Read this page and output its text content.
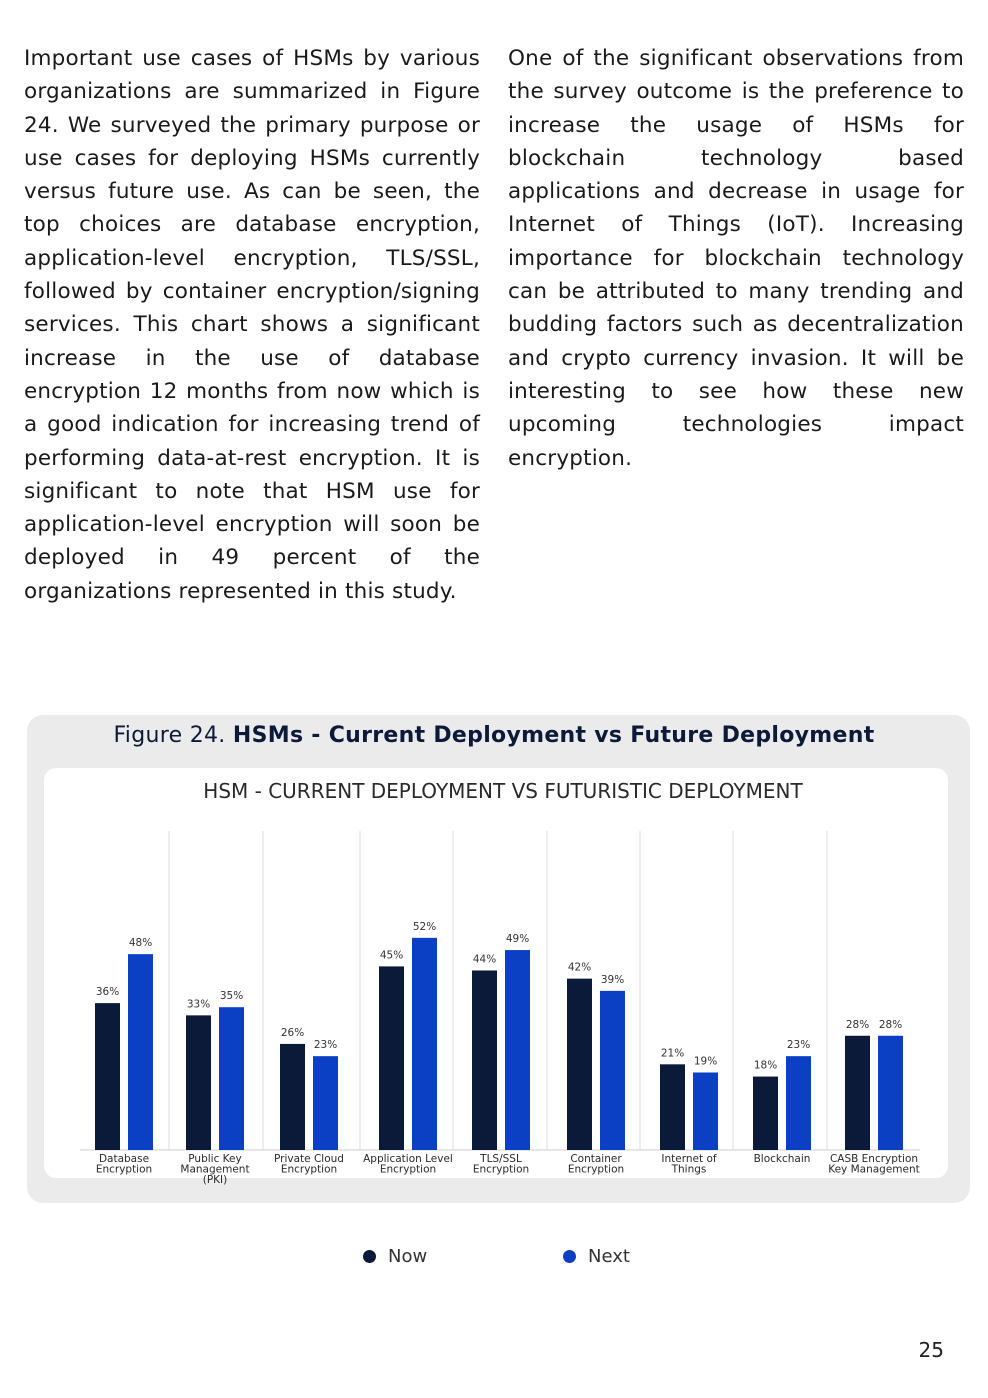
Important use cases of HSMs by various organizations are summarized in Figure 24. We surveyed the primary purpose or use cases for deploying HSMs currently versus future use. As can be seen, the top choices are database encryption, application-level encryption, TLS/SSL, followed by container encryption/signing services. This chart shows a significant increase in the use of database encryption 12 months from now which is a good indication for increasing trend of performing data-at-rest encryption. It is significant to note that HSM use for application-level encryption will soon be deployed in 49 percent of the organizations represented in this study.
One of the significant observations from the survey outcome is the preference to increase the usage of HSMs for blockchain technology based applications and decrease in usage for Internet of Things (IoT). Increasing importance for blockchain technology can be attributed to many trending and budding factors such as decentralization and crypto currency invasion. It will be interesting to see how these new upcoming technologies impact encryption.
Figure 24. HSMs - Current Deployment vs Future Deployment
HSM - CURRENT DEPLOYMENT VS FUTURISTIC DEPLOYMENT
36%
48%
Database
Encryption
33%
35%
Public Key
Management
(PKI)
26%
23%
Private Cloud
Encryption
45%
52%
Application Level
Encryption
44%
49%
TLS/SSL
Encryption
42%
39%
Container
Encryption
21%
19%
Internet of
Things
18%
23%
Blockchain
28% 28%
CASB Encryption
Key Management
Now	Next
25
